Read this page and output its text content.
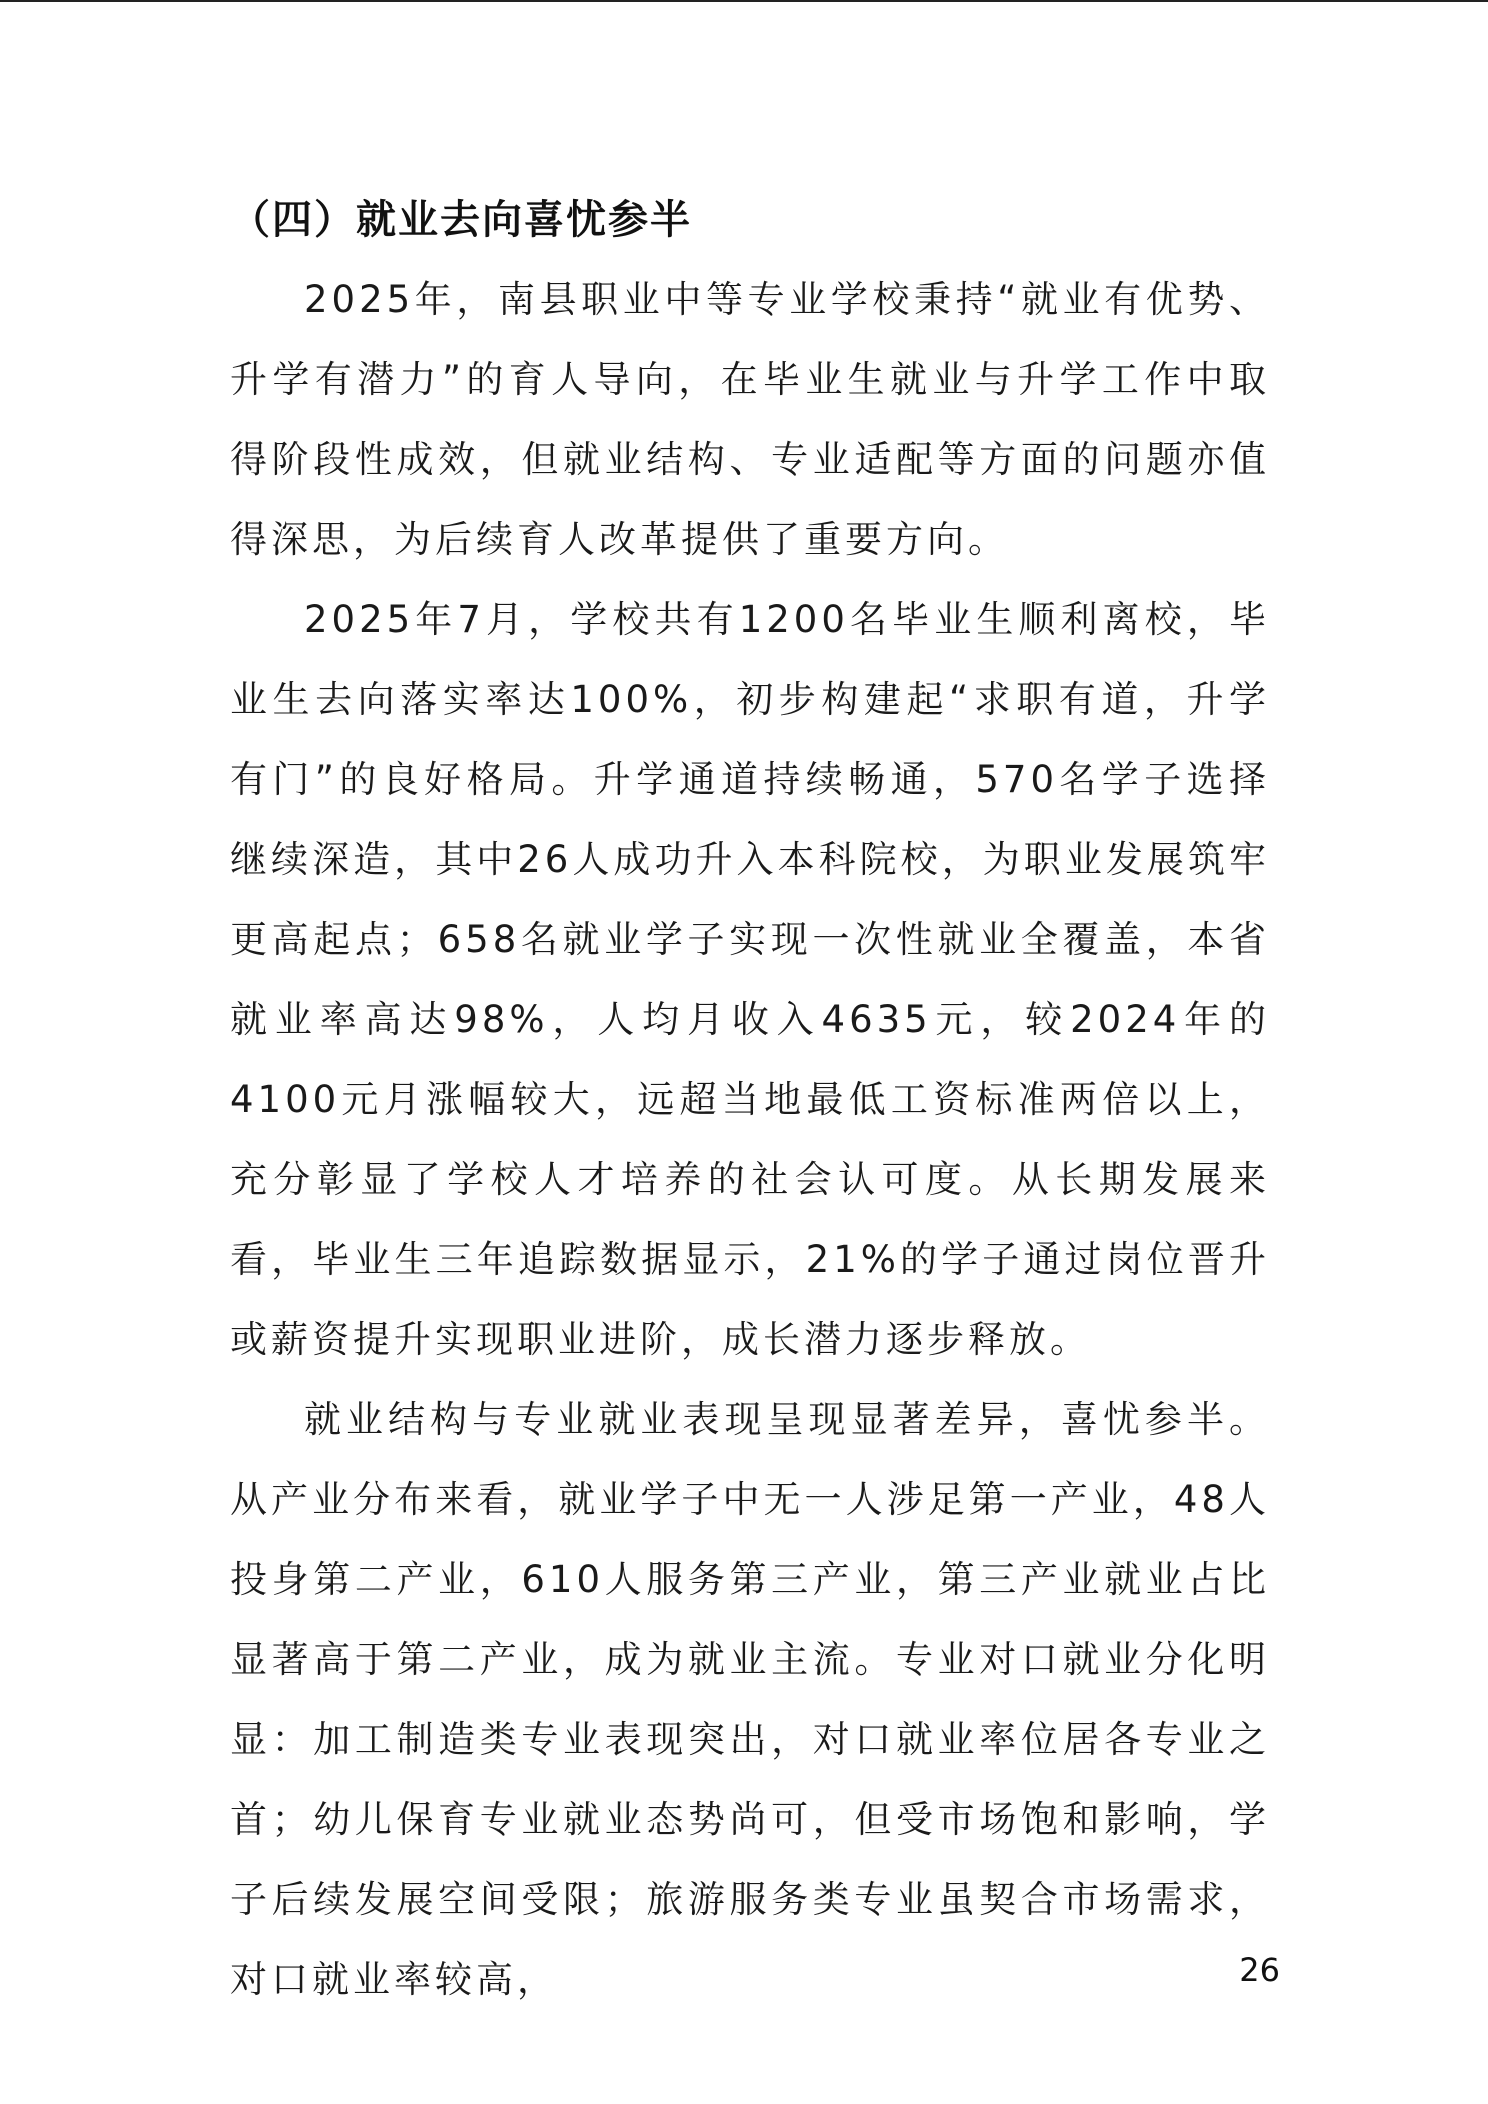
（四）就业去向喜忧参半

2025年，南县职业中等专业学校秉持“就业有优势、升学有潜力”的育人导向，在毕业生就业与升学工作中取得阶段性成效，但就业结构、专业适配等方面的问题亦值得深思，为后续育人改革提供了重要方向。

2025年7月，学校共有1200名毕业生顺利离校，毕业生去向落实率达100%，初步构建起“求职有道，升学有门”的良好格局。升学通道持续畅通，570名学子选择继续深造，其中26人成功升入本科院校，为职业发展筑牢更高起点；658名就业学子实现一次性就业全覆盖，本省就业率高达98%，人均月收入4635元，较2024年的4100元月涨幅较大，远超当地最低工资标准两倍以上，充分彰显了学校人才培养的社会认可度。从长期发展来看，毕业生三年追踪数据显示，21%的学子通过岗位晋升或薪资提升实现职业进阶，成长潜力逐步释放。

就业结构与专业就业表现呈现显著差异，喜忧参半。从产业分布来看，就业学子中无一人涉足第一产业，48人投身第二产业，610人服务第三产业，第三产业就业占比显著高于第二产业，成为就业主流。专业对口就业分化明显：加工制造类专业表现突出，对口就业率位居各专业之首；幼儿保育专业就业态势尚可，但受市场饱和影响，学子后续发展空间受限；旅游服务类专业虽契合市场需求，对口就业率较高，	26
